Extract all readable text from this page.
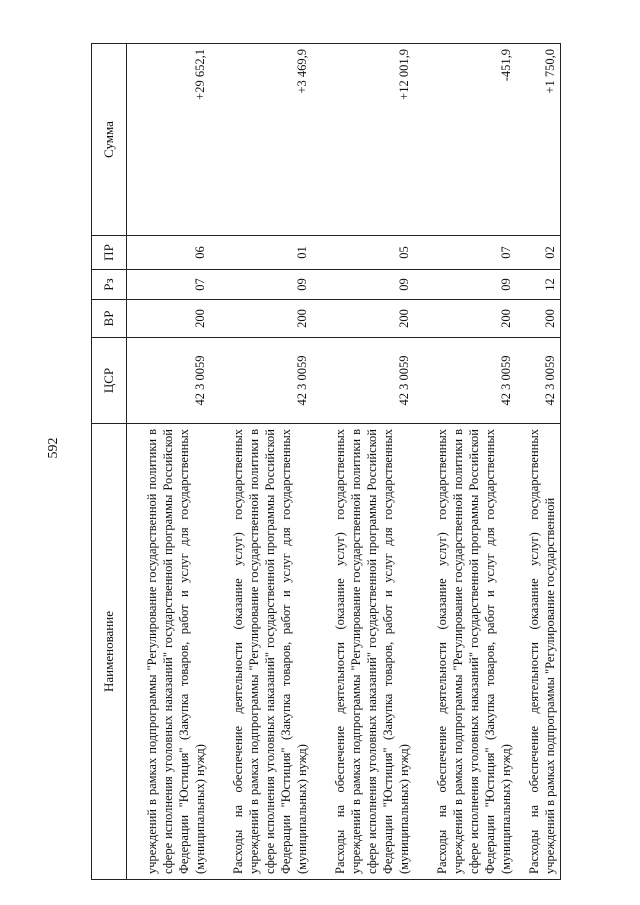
592
Наименование	ЦСР	ВР	Рз	ПР	Сумма
учреждений в рамках подпрограммы "Регулирование государственной политики в сфере исполнения уголовных наказаний" государственной программы Российской Федерации "Юстиция" (Закупка товаров, работ и услуг для государственных (муниципальных) нужд)	42 3 0059	200	07	06	+29 652,1
Расходы на обеспечение деятельности (оказание услуг) государственных учреждений в рамках подпрограммы "Регулирование государственной политики в сфере исполнения уголовных наказаний" государственной программы Российской Федерации "Юстиция" (Закупка товаров, работ и услуг для государственных (муниципальных) нужд)	42 3 0059	200	09	01	+3 469,9
Расходы на обеспечение деятельности (оказание услуг) государственных учреждений в рамках подпрограммы "Регулирование государственной политики в сфере исполнения уголовных наказаний" государственной программы Российской Федерации "Юстиция" (Закупка товаров, работ и услуг для государственных (муниципальных) нужд)	42 3 0059	200	09	05	+12 001,9
Расходы на обеспечение деятельности (оказание услуг) государственных учреждений в рамках подпрограммы "Регулирование государственной политики в сфере исполнения уголовных наказаний" государственной программы Российской Федерации "Юстиция" (Закупка товаров, работ и услуг для государственных (муниципальных) нужд)	42 3 0059	200	09	07	-451,9
Расходы на обеспечение деятельности (оказание услуг) государственных учреждений в рамках подпрограммы "Регулирование государственной	42 3 0059	200	12	02	+1 750,0
